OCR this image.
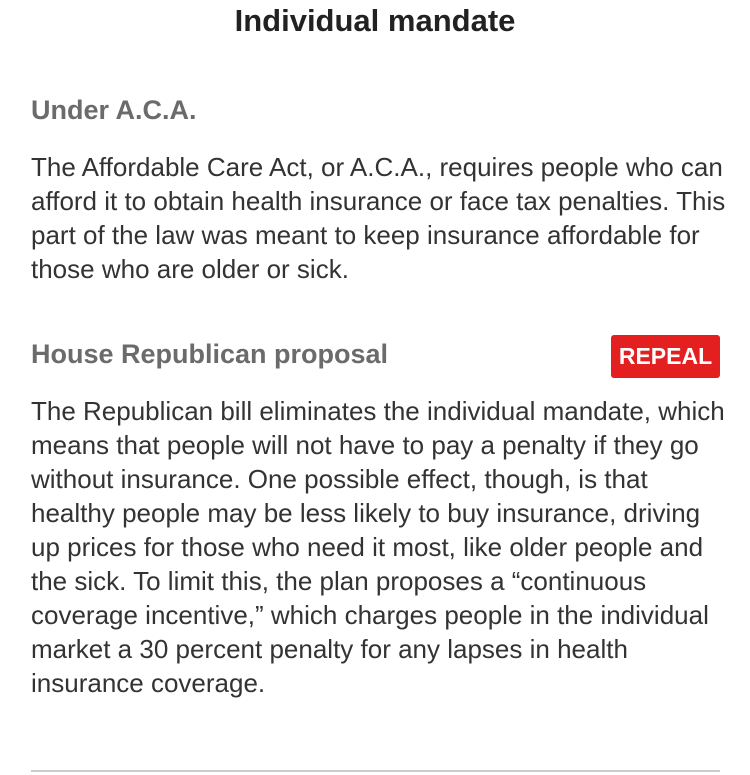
Individual mandate
Under A.C.A.

The Affordable Care Act, or A.C.A., requires people who can afford it to obtain health insurance or face tax penalties. This part of the law was meant to keep insurance affordable for those who are older or sick.

House Republican proposal	REPEAL

The Republican bill eliminates the individual mandate, which means that people will not have to pay a penalty if they go without insurance. One possible effect, though, is that healthy people may be less likely to buy insurance, driving up prices for those who need it most, like older people and the sick. To limit this, the plan proposes a “continuous coverage incentive,” which charges people in the individual market a 30 percent penalty for any lapses in health insurance coverage.
